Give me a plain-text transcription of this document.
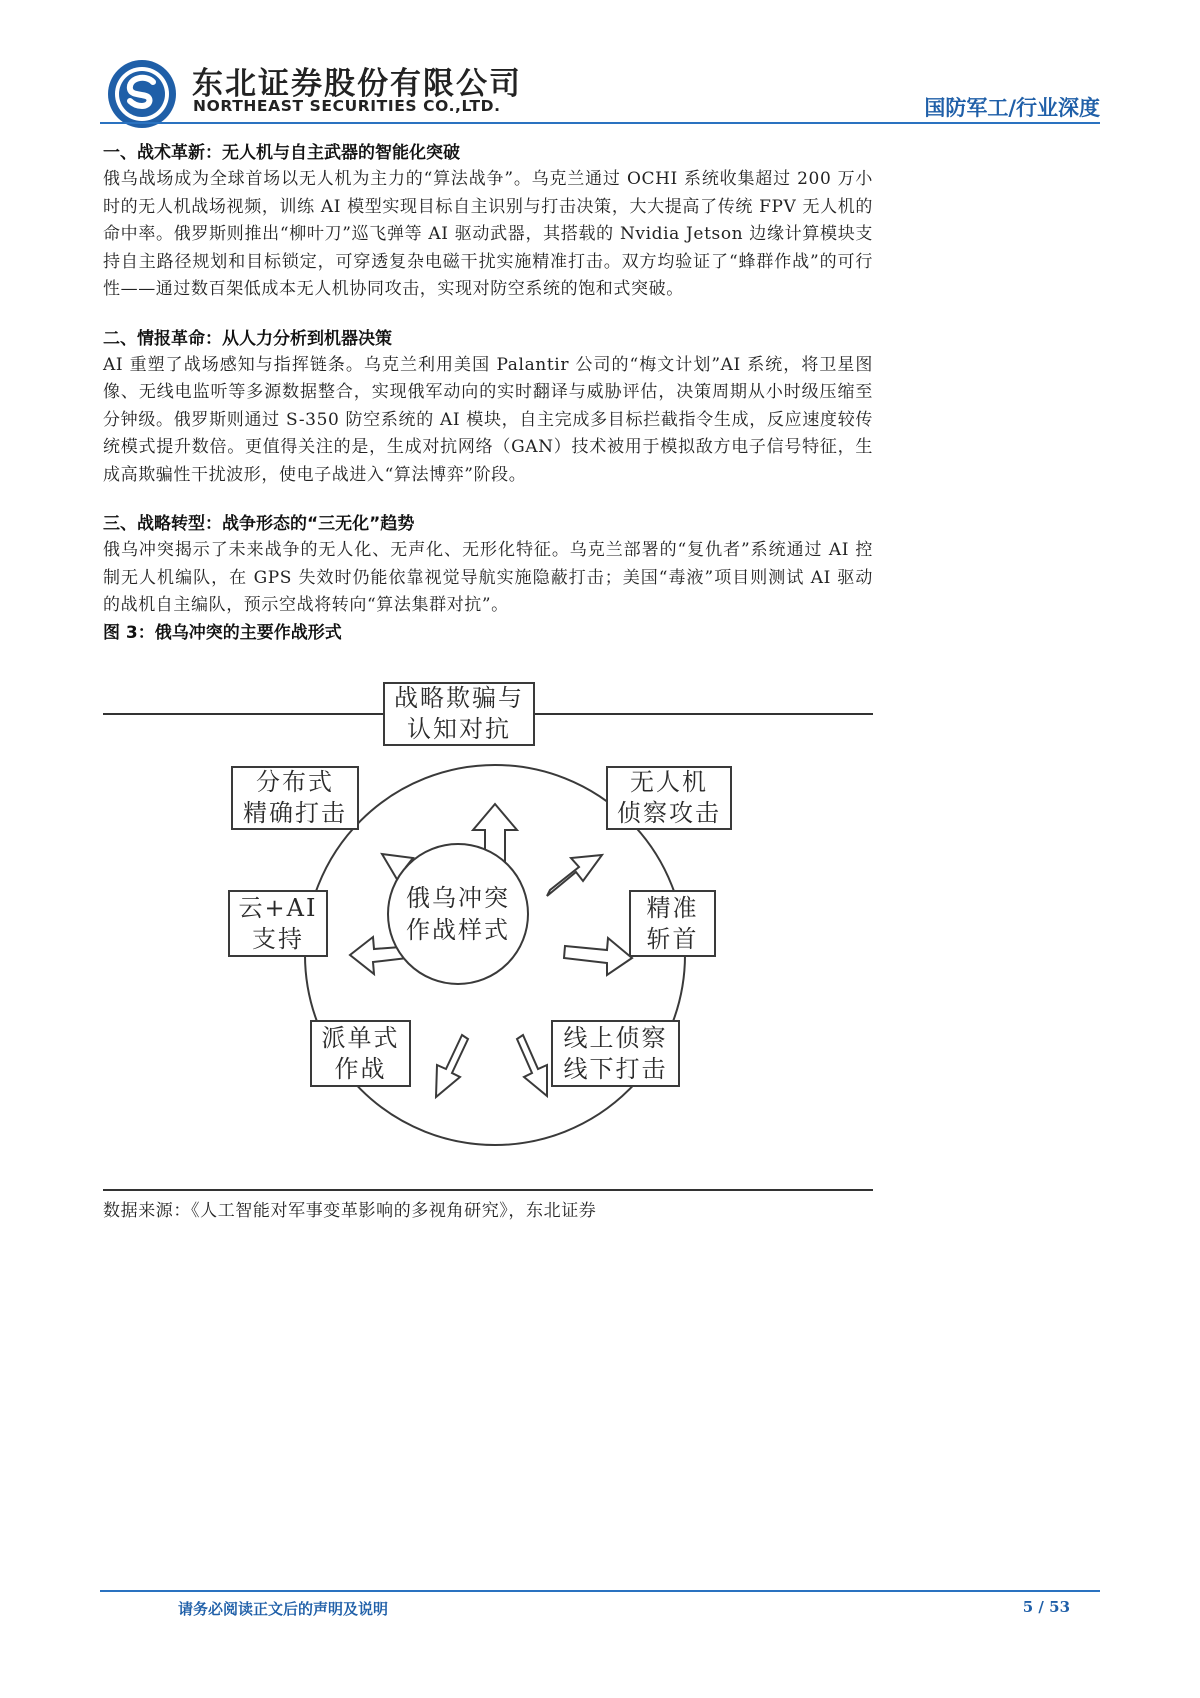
东北证券股份有限公司
NORTHEAST SECURITIES CO.,LTD.	国防军工/行业深度
一、战术革新：无人机与自主武器的智能化突破

俄乌战场成为全球首场以无人机为主力的“算法战争”。乌克兰通过 OCHI 系统收集超过 200 万小时的无人机战场视频，训练 AI 模型实现目标自主识别与打击决策，大大提高了传统 FPV 无人机的命中率。俄罗斯则推出“柳叶刀”巡飞弹等 AI 驱动武器，其搭载的 Nvidia Jetson 边缘计算模块支持自主路径规划和目标锁定，可穿透复杂电磁干扰实施精准打击。双方均验证了“蜂群作战”的可行性——通过数百架低成本无人机协同攻击，实现对防空系统的饱和式突破。

二、情报革命：从人力分析到机器决策

AI 重塑了战场感知与指挥链条。乌克兰利用美国 Palantir 公司的“梅文计划”AI 系统，将卫星图像、无线电监听等多源数据整合，实现俄军动向的实时翻译与威胁评估，决策周期从小时级压缩至分钟级。俄罗斯则通过 S-350 防空系统的 AI 模块，自主完成多目标拦截指令生成，反应速度较传统模式提升数倍。更值得关注的是，生成对抗网络（GAN）技术被用于模拟敌方电子信号特征，生成高欺骗性干扰波形，使电子战进入“算法博弈”阶段。

三、战略转型：战争形态的“三无化”趋势

俄乌冲突揭示了未来战争的无人化、无声化、无形化特征。乌克兰部署的“复仇者”系统通过 AI 控制无人机编队，在 GPS 失效时仍能依靠视觉导航实施隐蔽打击；美国“毒液”项目则测试 AI 驱动的战机自主编队，预示空战将转向“算法集群对抗”。

图 3：俄乌冲突的主要作战形式
俄乌冲突
作战样式
战略欺骗与
认知对抗
分布式
精确打击
无人机
侦察攻击
云+AI
支持
精准
斩首
派单式
作战
线上侦察
线下打击
数据来源：《人工智能对军事变革影响的多视角研究》，东北证券
请务必阅读正文后的声明及说明	5 / 53
